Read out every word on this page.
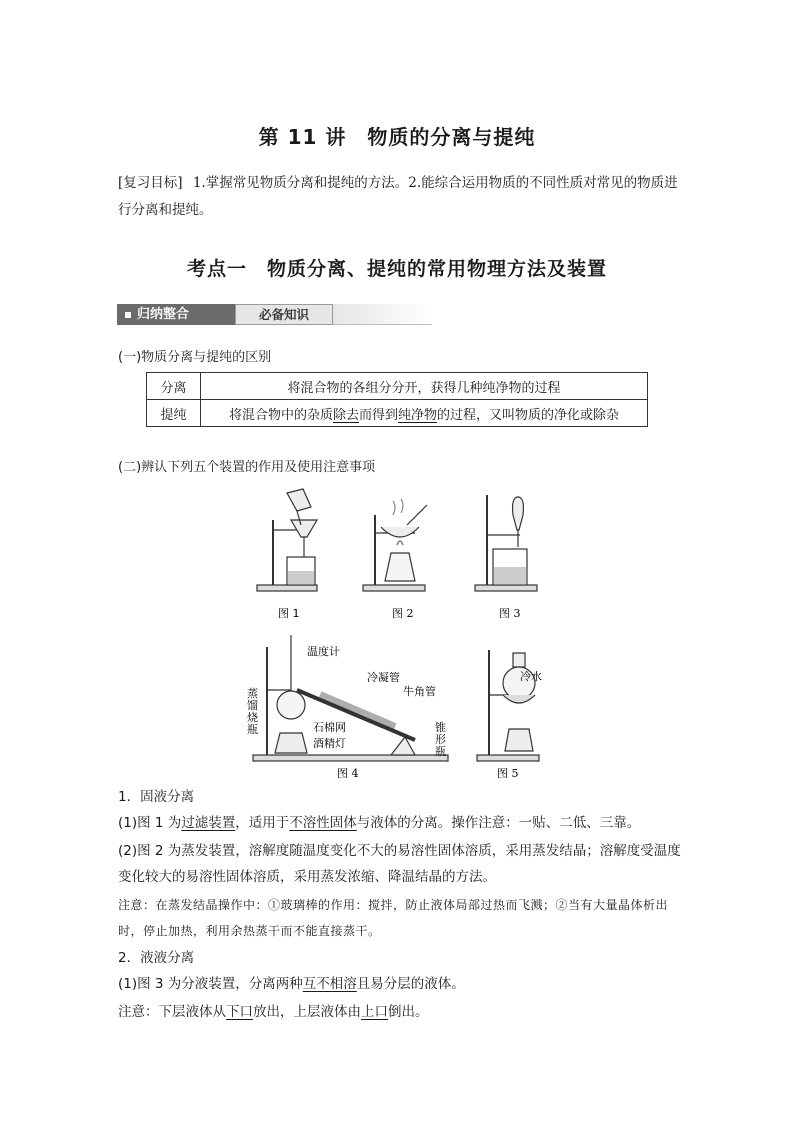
第 11 讲　物质的分离与提纯
[复习目标] 1.掌握常见物质分离和提纯的方法。2.能综合运用物质的不同性质对常见的物质进行分离和提纯。
考点一　物质分离、提纯的常用物理方法及装置
归纳整合	必备知识
(一)物质分离与提纯的区别
分离	将混合物的各组分分开，获得几种纯净物的过程
提纯	将混合物中的杂质除去而得到纯净物的过程，又叫物质的净化或除杂
(二)辨认下列五个装置的作用及使用注意事项
图 1	图 2	图 3
图 4	图 5
温度计
冷凝管
牛角管
蒸
馏
烧
瓶	石棉网
酒精灯
锥
形
瓶
冷水
1．固液分离
(1)图 1 为过滤装置，适用于不溶性固体与液体的分离。操作注意：一贴、二低、三靠。
(2)图 2 为蒸发装置，溶解度随温度变化不大的易溶性固体溶质，采用蒸发结晶；溶解度受温度变化较大的易溶性固体溶质，采用蒸发浓缩、降温结晶的方法。
注意：在蒸发结晶操作中：①玻璃棒的作用：搅拌，防止液体局部过热而飞溅；②当有大量晶体析出时，停止加热，利用余热蒸干而不能直接蒸干。
2．液液分离
(1)图 3 为分液装置，分离两种互不相溶且易分层的液体。
注意：下层液体从下口放出，上层液体由上口倒出。
